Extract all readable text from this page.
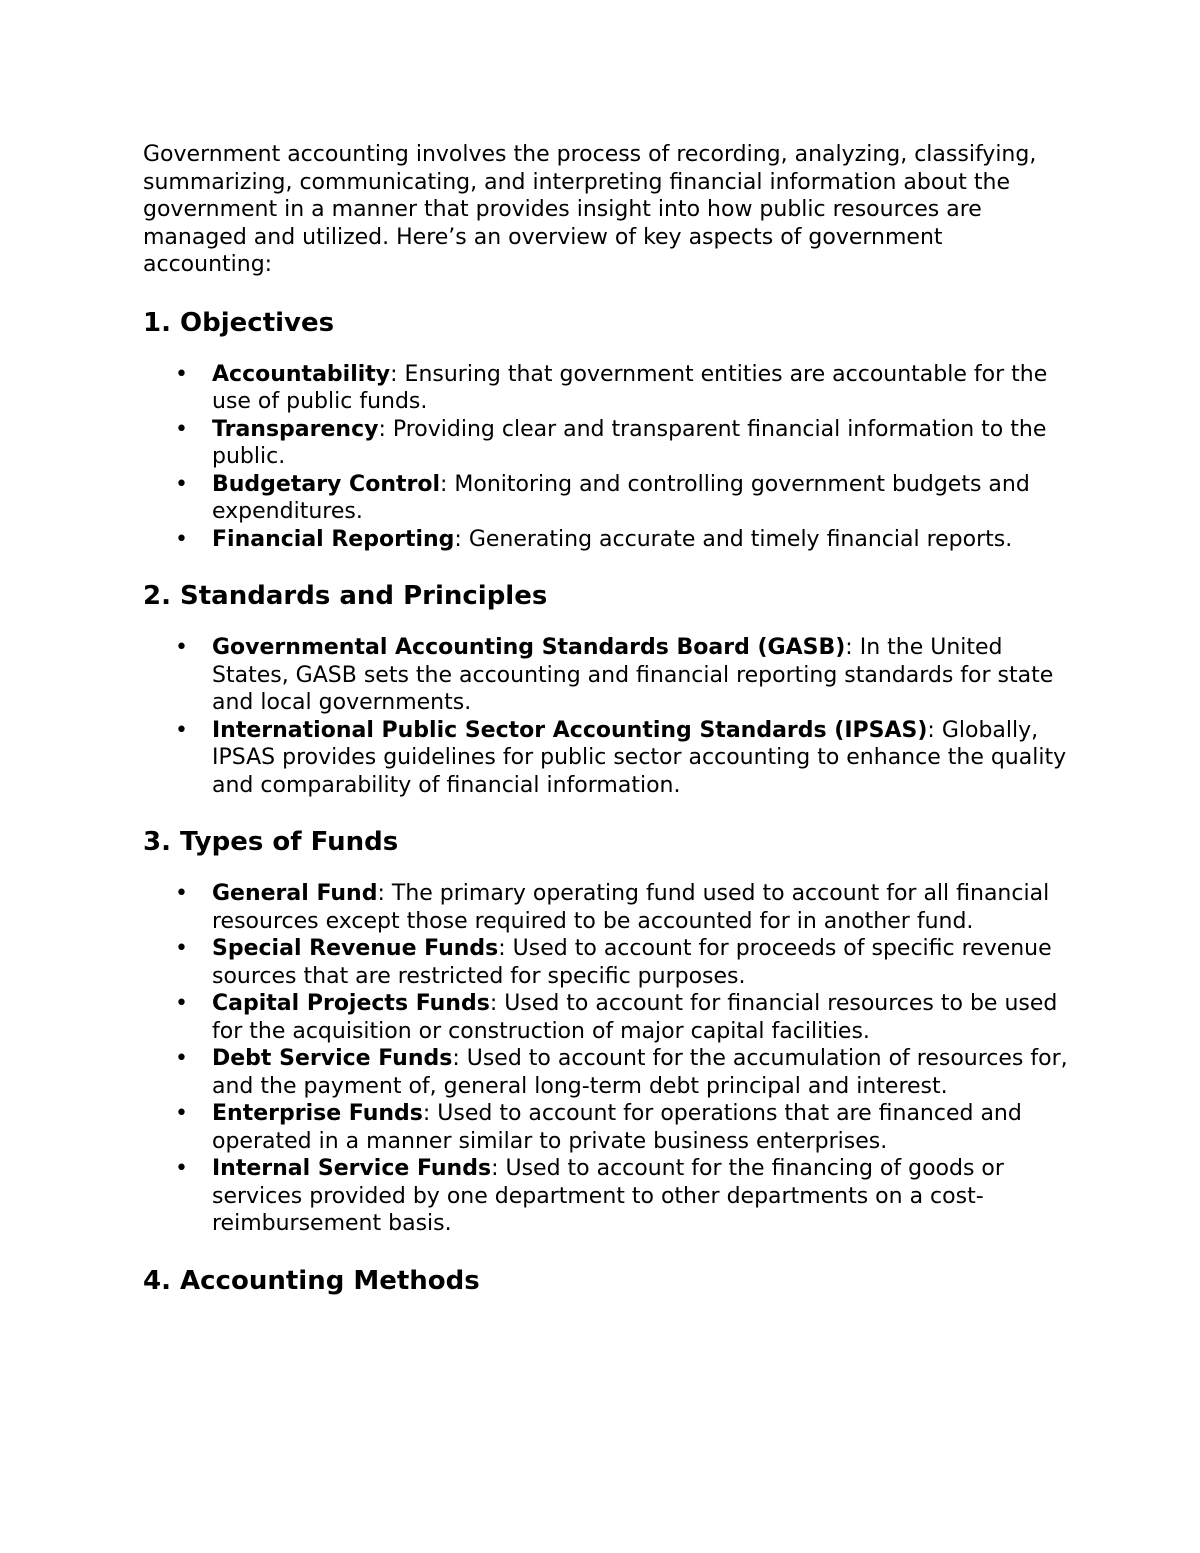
Government accounting involves the process of recording, analyzing, classifying, summarizing, communicating, and interpreting financial information about the government in a manner that provides insight into how public resources are managed and utilized. Here’s an overview of key aspects of government accounting:

1. Objectives
• Accountability: Ensuring that government entities are accountable for the use of public funds.
• Transparency: Providing clear and transparent financial information to the public.
• Budgetary Control: Monitoring and controlling government budgets and expenditures.
• Financial Reporting: Generating accurate and timely financial reports.
2. Standards and Principles
• Governmental Accounting Standards Board (GASB): In the United States, GASB sets the accounting and financial reporting standards for state and local governments.
• International Public Sector Accounting Standards (IPSAS): Globally, IPSAS provides guidelines for public sector accounting to enhance the quality and comparability of financial information.
3. Types of Funds
• General Fund: The primary operating fund used to account for all financial resources except those required to be accounted for in another fund.
• Special Revenue Funds: Used to account for proceeds of specific revenue sources that are restricted for specific purposes.
• Capital Projects Funds: Used to account for financial resources to be used for the acquisition or construction of major capital facilities.
• Debt Service Funds: Used to account for the accumulation of resources for, and the payment of, general long-term debt principal and interest.
• Enterprise Funds: Used to account for operations that are financed and operated in a manner similar to private business enterprises.
• Internal Service Funds: Used to account for the financing of goods or services provided by one department to other departments on a cost-reimbursement basis.
4. Accounting Methods
